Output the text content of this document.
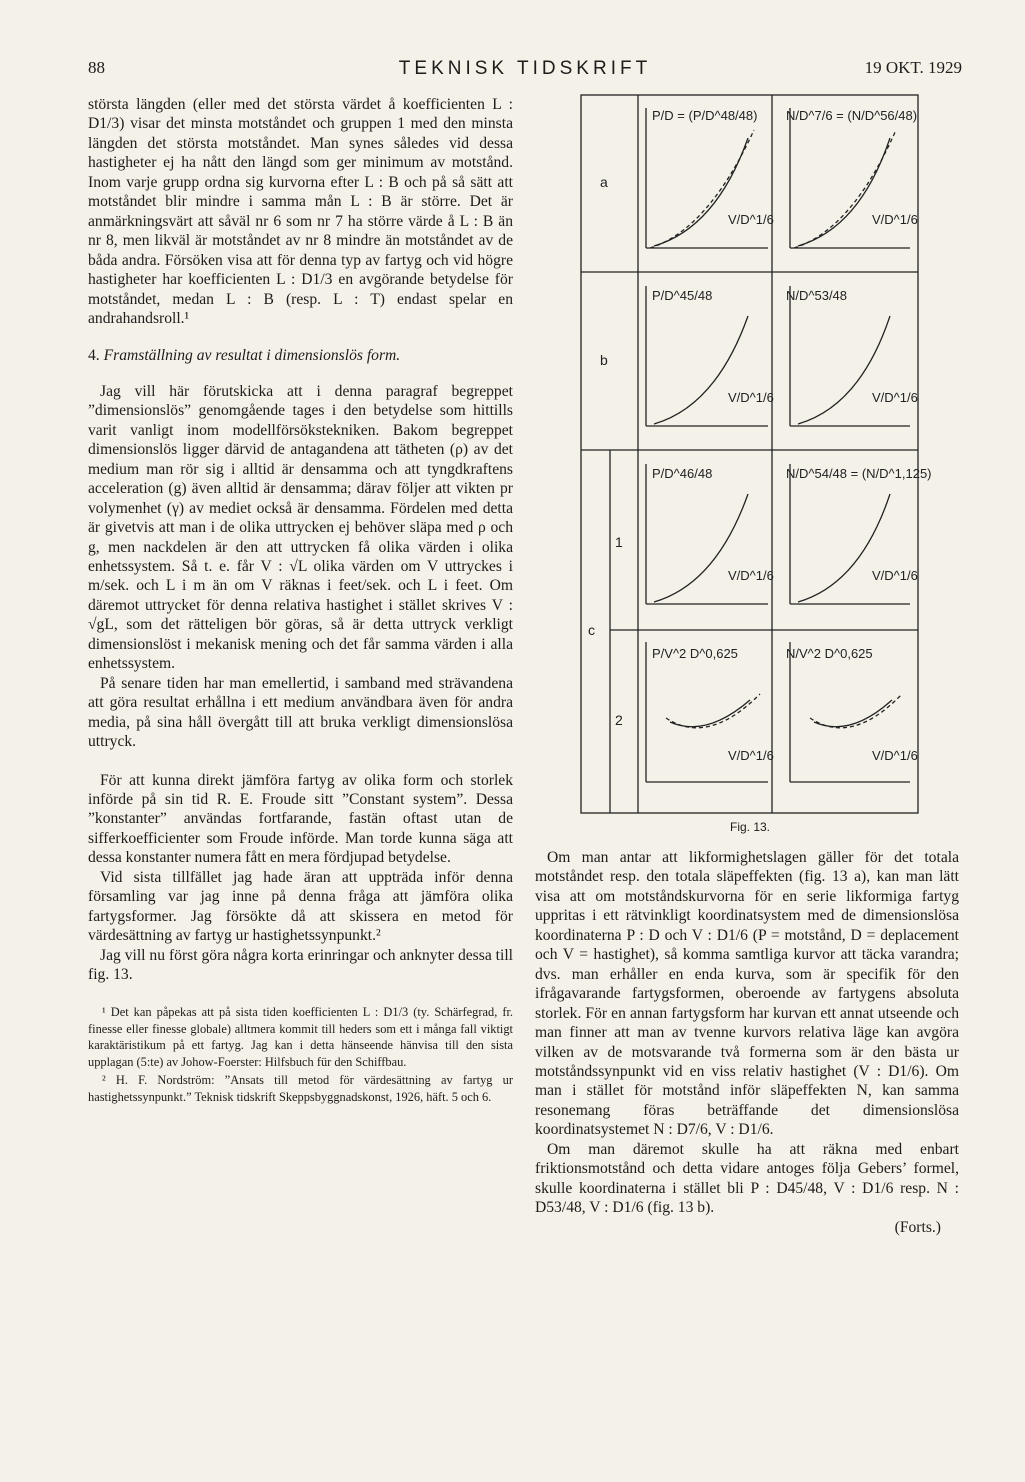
88	TEKNISK TIDSKRIFT	19 OKT. 1929

största längden (eller med det största värdet å koefficienten L : D1/3) visar det minsta motståndet och gruppen 1 med den minsta längden det största motståndet. Man synes således vid dessa hastigheter ej ha nått den längd som ger minimum av motstånd. Inom varje grupp ordna sig kurvorna efter L : B och på så sätt att motståndet blir mindre i samma mån L : B är större. Det är anmärkningsvärt att såväl nr 6 som nr 7 ha större värde å L : B än nr 8, men likväl är motståndet av nr 8 mindre än motståndet av de båda andra. Försöken visa att för denna typ av fartyg och vid högre hastigheter har koefficienten L : D1/3 en avgörande betydelse för motståndet, medan L : B (resp. L : T) endast spelar en andrahandsroll.¹

4. Framställning av resultat i dimensionslös form.

Jag vill här förutskicka att i denna paragraf begreppet ”dimensionslös” genomgående tages i den betydelse som hittills varit vanligt inom modellförsökstekniken. Bakom begreppet dimensionslös ligger därvid de antagandena att tätheten (ρ) av det medium man rör sig i alltid är densamma och att tyngdkraftens acceleration (g) även alltid är densamma; därav följer att vikten pr volymenhet (γ) av mediet också är densamma. Fördelen med detta är givetvis att man i de olika uttrycken ej behöver släpa med ρ och g, men nackdelen är den att uttrycken få olika värden i olika enhetssystem. Så t. e. får V : √L olika värden om V uttryckes i m/sek. och L i m än om V räknas i feet/sek. och L i feet. Om däremot uttrycket för denna relativa hastighet i stället skrives V : √gL, som det rätteligen bör göras, så är detta uttryck verkligt dimensionslöst i mekanisk mening och det får samma värden i alla enhetssystem.

På senare tiden har man emellertid, i samband med strävandena att göra resultat erhållna i ett medium användbara även för andra media, på sina håll övergått till att bruka verkligt dimensionslösa uttryck.

För att kunna direkt jämföra fartyg av olika form och storlek införde på sin tid R. E. Froude sitt ”Constant system”. Dessa ”konstanter” användas fortfarande, fastän oftast utan de sifferkoefficienter som Froude införde. Man torde kunna säga att dessa konstanter numera fått en mera fördjupad betydelse.

Vid sista tillfället jag hade äran att uppträda inför denna församling var jag inne på denna fråga att jämföra olika fartygsformer. Jag försökte då att skissera en metod för värdesättning av fartyg ur hastighetssynpunkt.²

Jag vill nu först göra några korta erinringar och anknyter dessa till fig. 13.

¹ Det kan påpekas att på sista tiden koefficienten L : D1/3 (ty. Schärfegrad, fr. finesse eller finesse globale) alltmera kommit till heders som ett i många fall viktigt karaktäristikum på ett fartyg. Jag kan i detta hänseende hänvisa till den sista upplagan (5:te) av Johow-Foerster: Hilfsbuch für den Schiffbau.

² H. F. Nordström: ”Ansats till metod för värdesättning av fartyg ur hastighetssynpunkt.” Teknisk tidskrift Skeppsbyggnadskonst, 1926, häft. 5 och 6.

a
b
c
1
2
P/D = (P/D^48/48) N/D^7/6 = (N/D^56/48)
P/D^45/48	N/D^53/48
P/D^46/48	N/D^54/48 = (N/D^1,125)
P/V^2 D^0,625	N/V^2 D^0,625
V/D^1/6	V/D^1/6
V/D^1/6	V/D^1/6
V/D^1/6	V/D^1/6
V/D^1/6	V/D^1/6
Fig. 13.

Om man antar att likformighetslagen gäller för det totala motståndet resp. den totala släpeffekten (fig. 13 a), kan man lätt visa att om motståndskurvorna för en serie likformiga fartyg uppritas i ett rätvinkligt koordinatsystem med de dimensionslösa koordinaterna P : D och V : D1/6 (P = motstånd, D = deplacement och V = hastighet), så komma samtliga kurvor att täcka varandra; dvs. man erhåller en enda kurva, som är specifik för den ifrågavarande fartygsformen, oberoende av fartygens absoluta storlek. För en annan fartygsform har kurvan ett annat utseende och man finner att man av tvenne kurvors relativa läge kan avgöra vilken av de motsvarande två formerna som är den bästa ur motståndssynpunkt vid en viss relativ hastighet (V : D1/6). Om man i stället för motstånd inför släpeffekten N, kan samma resonemang föras beträffande det dimensionslösa koordinatsystemet N : D7/6, V : D1/6.

Om man däremot skulle ha att räkna med enbart friktionsmotstånd och detta vidare antoges följa Gebers’ formel, skulle koordinaterna i stället bli P : D45/48, V : D1/6 resp. N : D53/48, V : D1/6 (fig. 13 b).

(Forts.)
